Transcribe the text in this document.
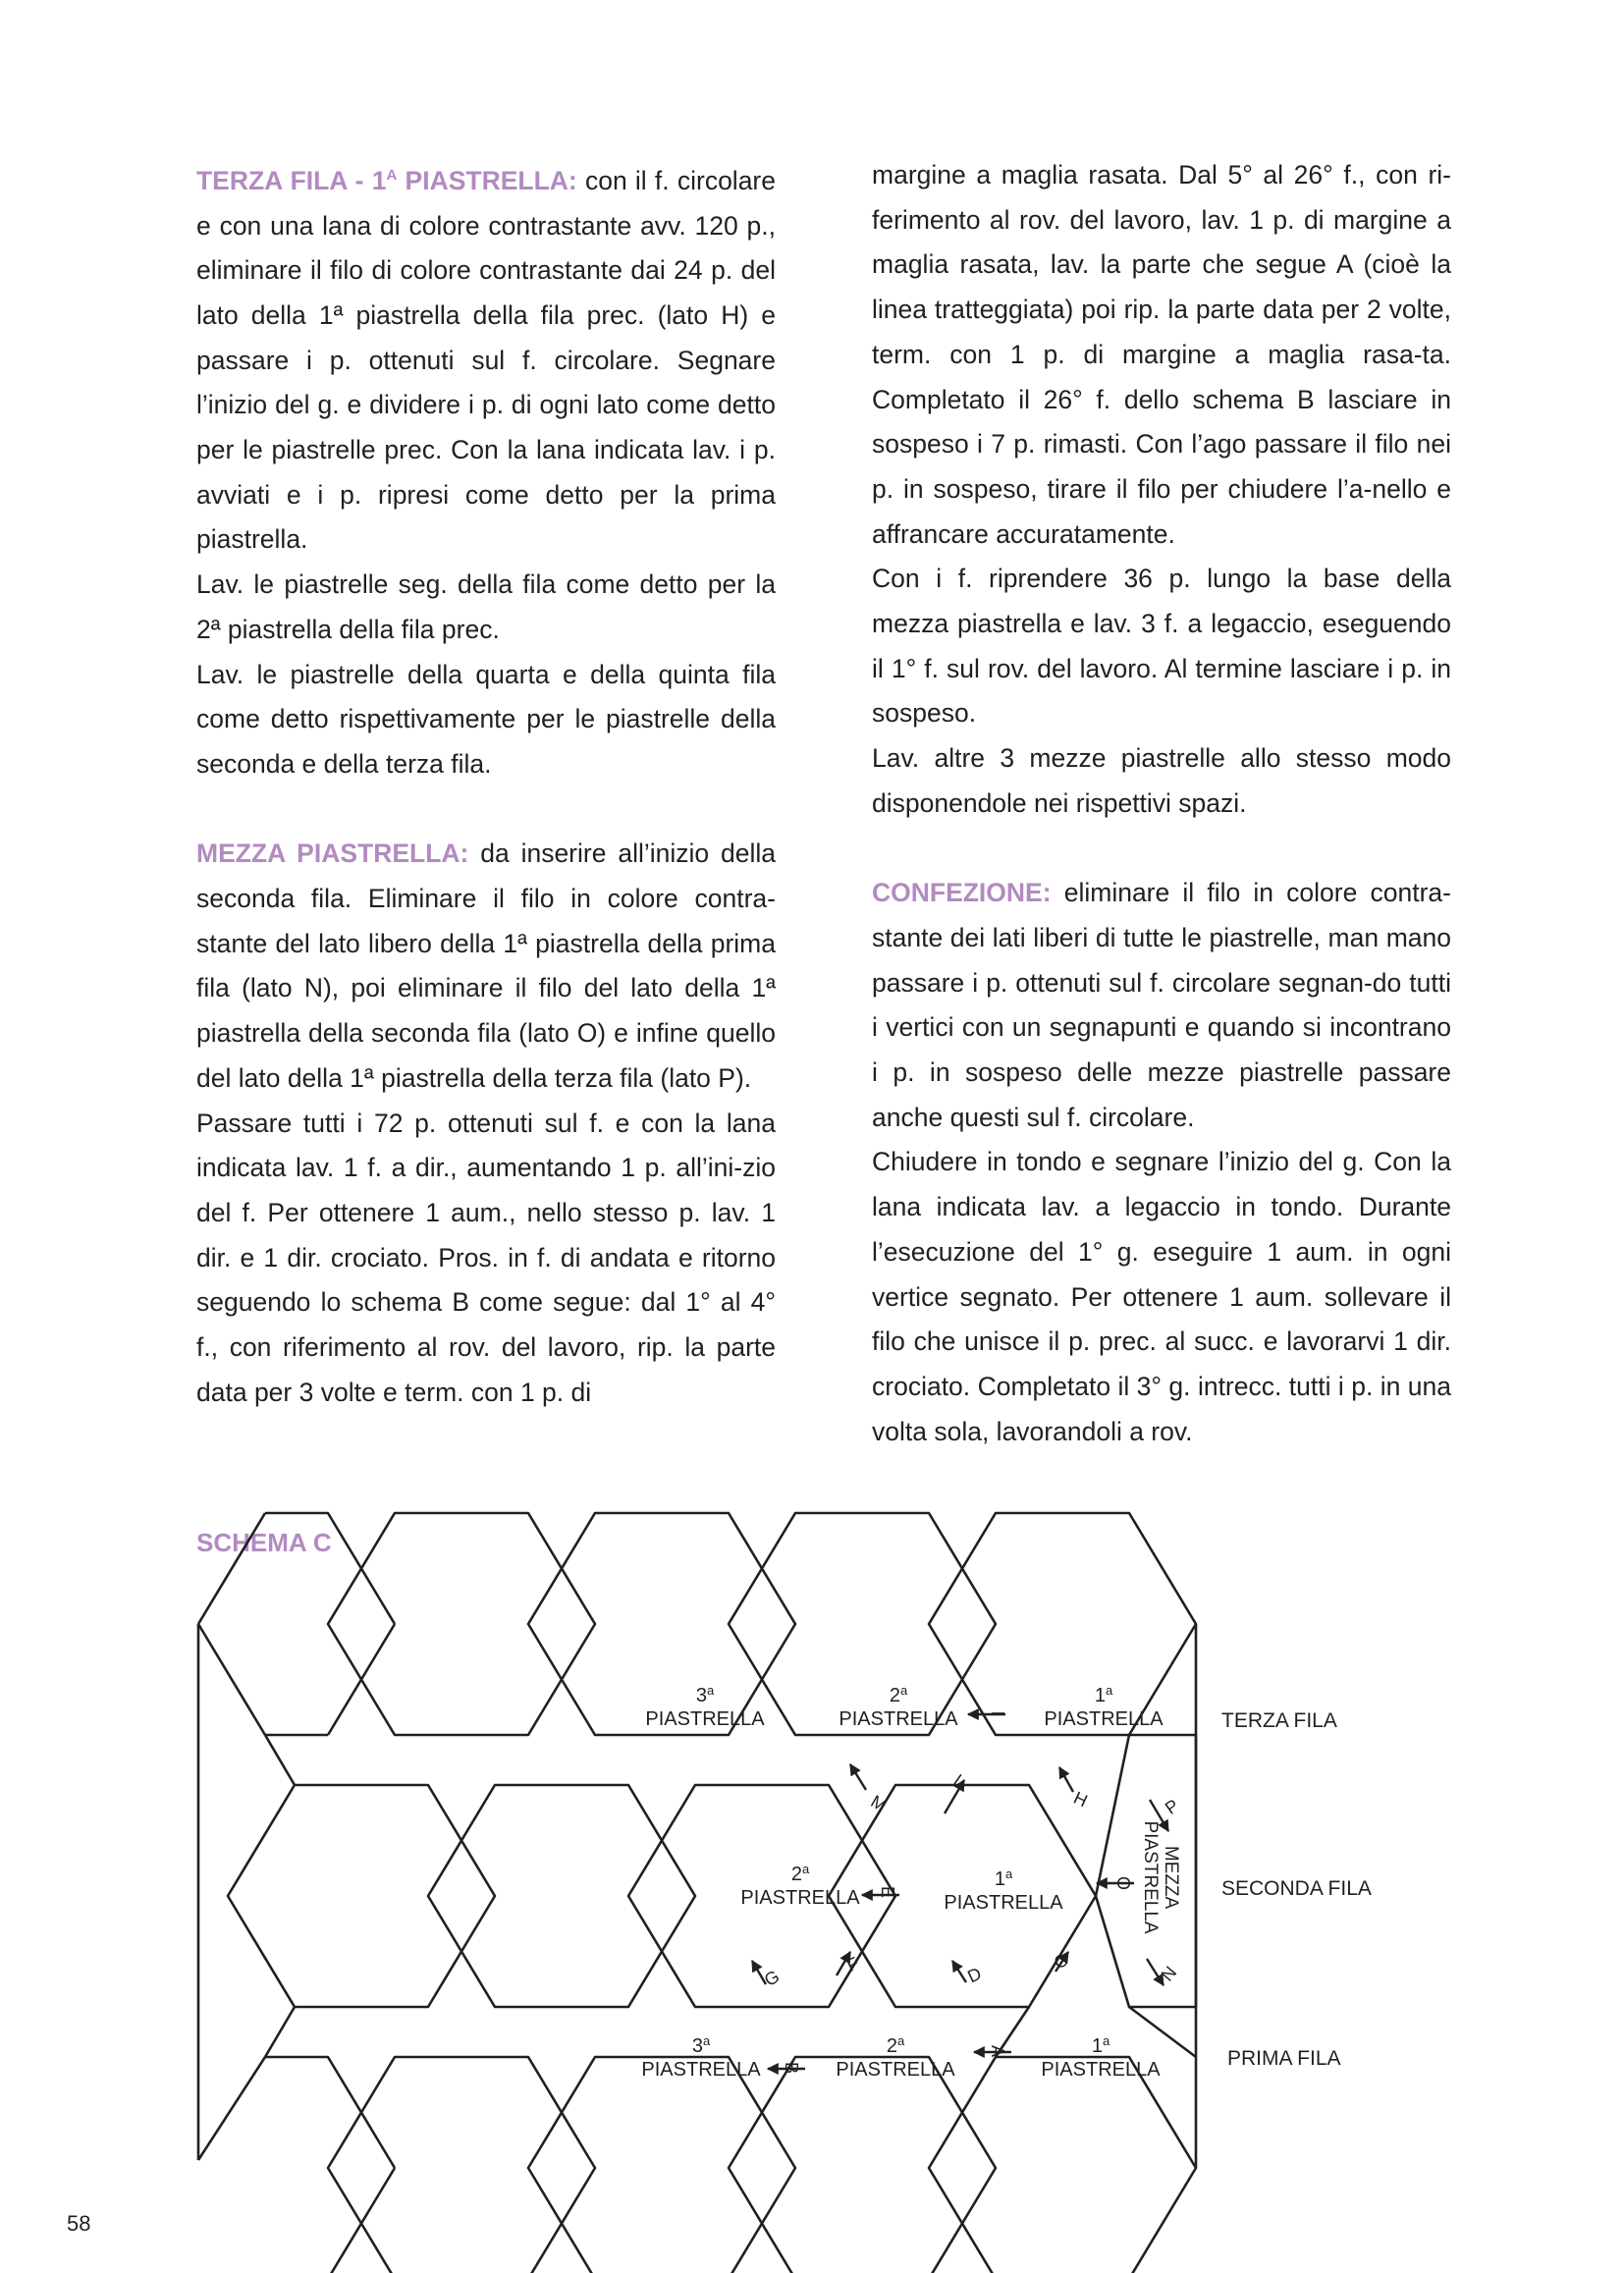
TERZA FILA - $1^A$ PIASTRELLA: con il f. circolare e con una lana di colore contrastante avv. 120 p., eliminare il filo di colore contrastante dai 24 p. del lato della 1ª piastrella della fila prec. (lato H) e passare i p. ottenuti sul f. circolare. Segnare l’inizio del g. e dividere i p. di ogni lato come detto per le piastrelle prec. Con la lana indicata lav. i p. avviati e i p. ripresi come detto per la prima piastrella.

Lav. le piastrelle seg. della fila come detto per la 2ª piastrella della fila prec.

Lav. le piastrelle della quarta e della quinta fila come detto rispettivamente per le piastrelle della seconda e della terza fila.

MEZZA PIASTRELLA: da inserire all’inizio della seconda fila. Eliminare il filo in colore contra-stante del lato libero della 1ª piastrella della prima fila (lato N), poi eliminare il filo del lato della 1ª piastrella della seconda fila (lato O) e infine quello del lato della 1ª piastrella della terza fila (lato P).

Passare tutti i 72 p. ottenuti sul f. e con la lana indicata lav. 1 f. a dir., aumentando 1 p. all’ini-zio del f. Per ottenere 1 aum., nello stesso p. lav. 1 dir. e 1 dir. crociato. Pros. in f. di andata e ritorno seguendo lo schema B come segue: dal 1° al 4° f., con riferimento al rov. del lavoro, rip. la parte data per 3 volte e term. con 1 p. di

margine a maglia rasata. Dal 5° al 26° f., con ri-ferimento al rov. del lavoro, lav. 1 p. di margine a maglia rasata, lav. la parte che segue A (cioè la linea tratteggiata) poi rip. la parte data per 2 volte, term. con 1 p. di margine a maglia rasa-ta. Completato il 26° f. dello schema B lasciare in sospeso i 7 p. rimasti. Con l’ago passare il filo nei p. in sospeso, tirare il filo per chiudere l’a-nello e affrancare accuratamente.

Con i f. riprendere 36 p. lungo la base della mezza piastrella e lav. 3 f. a legaccio, eseguendo il 1° f. sul rov. del lavoro. Al termine lasciare i p. in sospeso.

Lav. altre 3 mezze piastrelle allo stesso modo disponendole nei rispettivi spazi.

CONFEZIONE: eliminare il filo in colore contra-stante dei lati liberi di tutte le piastrelle, man mano passare i p. ottenuti sul f. circolare segnan-do tutti i vertici con un segnapunti e quando si incontrano i p. in sospeso delle mezze piastrelle passare anche questi sul f. circolare.

Chiudere in tondo e segnare l’inizio del g. Con la lana indicata lav. a legaccio in tondo. Durante l’esecuzione del 1° g. eseguire 1 aum. in ogni vertice segnato. Per ottenere 1 aum. sollevare il filo che unisce il p. prec. al succ. e lavorarvi 1 dir. crociato. Completato il 3° g. intrecc. tutti i p. in una volta sola, lavorandoli a rov.

SCHEMA C
3$^a$
PIASTRELLA
2$^a$
PIASTRELLA
1$^a$
PIASTRELLA
2$^a$
PIASTRELLA
1$^a$
PIASTRELLA
3$^a$
PIASTRELLA
2$^a$
PIASTRELLA
1$^a$
PIASTRELLA
MEZZA
PIASTRELLA
TERZA FILA
SECONDA FILA
PRIMA FILA
I
L
M	H	P
O
N
E
C
D
F
G
A
B

58
